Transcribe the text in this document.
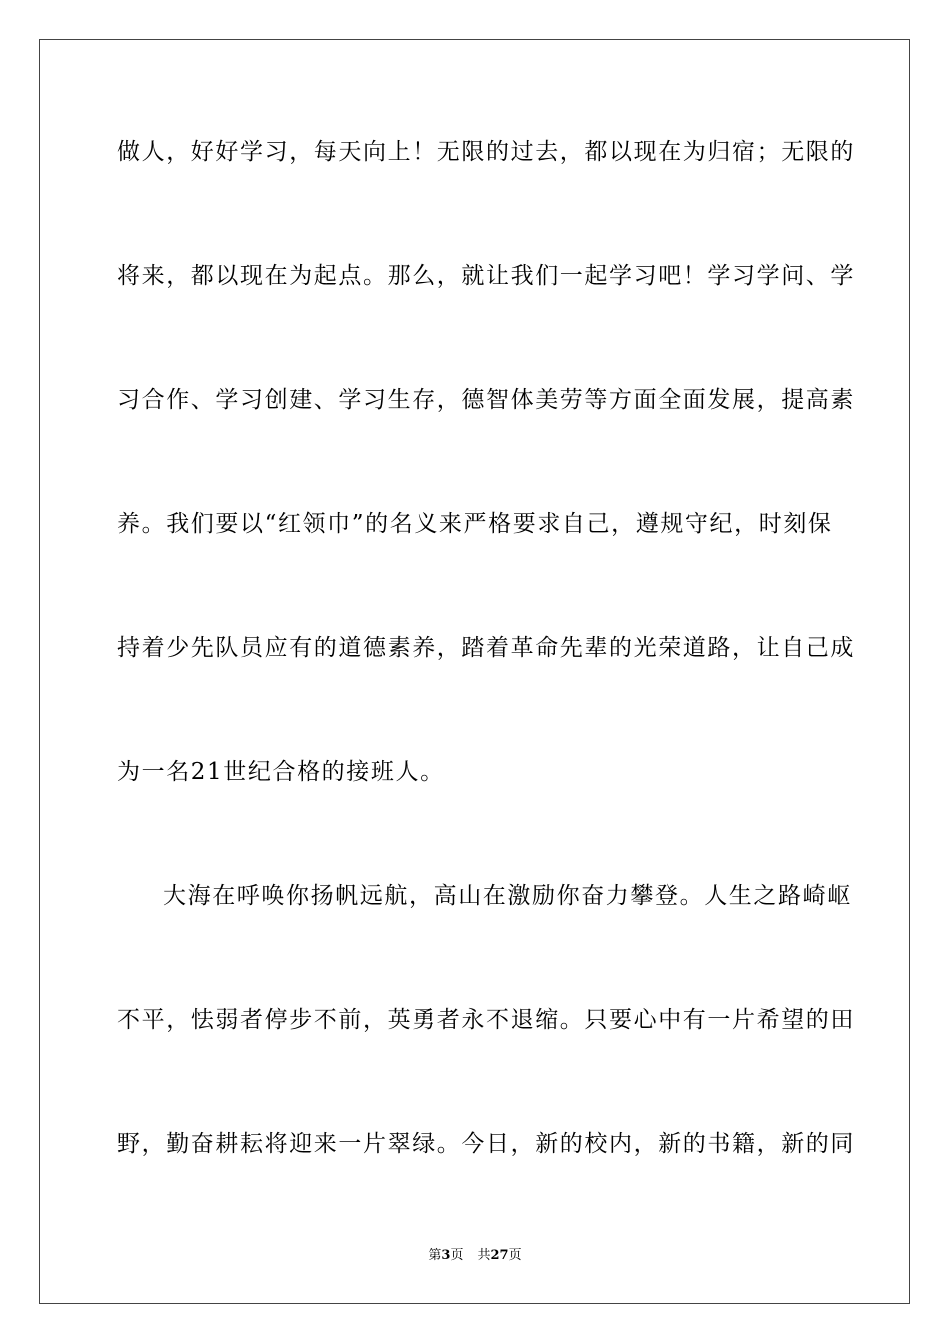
做人，好好学习，每天向上！无限的过去，都以现在为归宿；无限的
将来，都以现在为起点。那么，就让我们一起学习吧！学习学问、学
习合作、学习创建、学习生存，德智体美劳等方面全面发展，提高素
养。我们要以“红领巾”的名义来严格要求自己，遵规守纪，时刻保
持着少先队员应有的道德素养，踏着革命先辈的光荣道路，让自己成
为一名21世纪合格的接班人。
大海在呼唤你扬帆远航，高山在激励你奋力攀登。人生之路崎岖
不平，怯弱者停步不前，英勇者永不退缩。只要心中有一片希望的田
野，勤奋耕耘将迎来一片翠绿。今日，新的校内，新的书籍，新的同
第3页 共27页
